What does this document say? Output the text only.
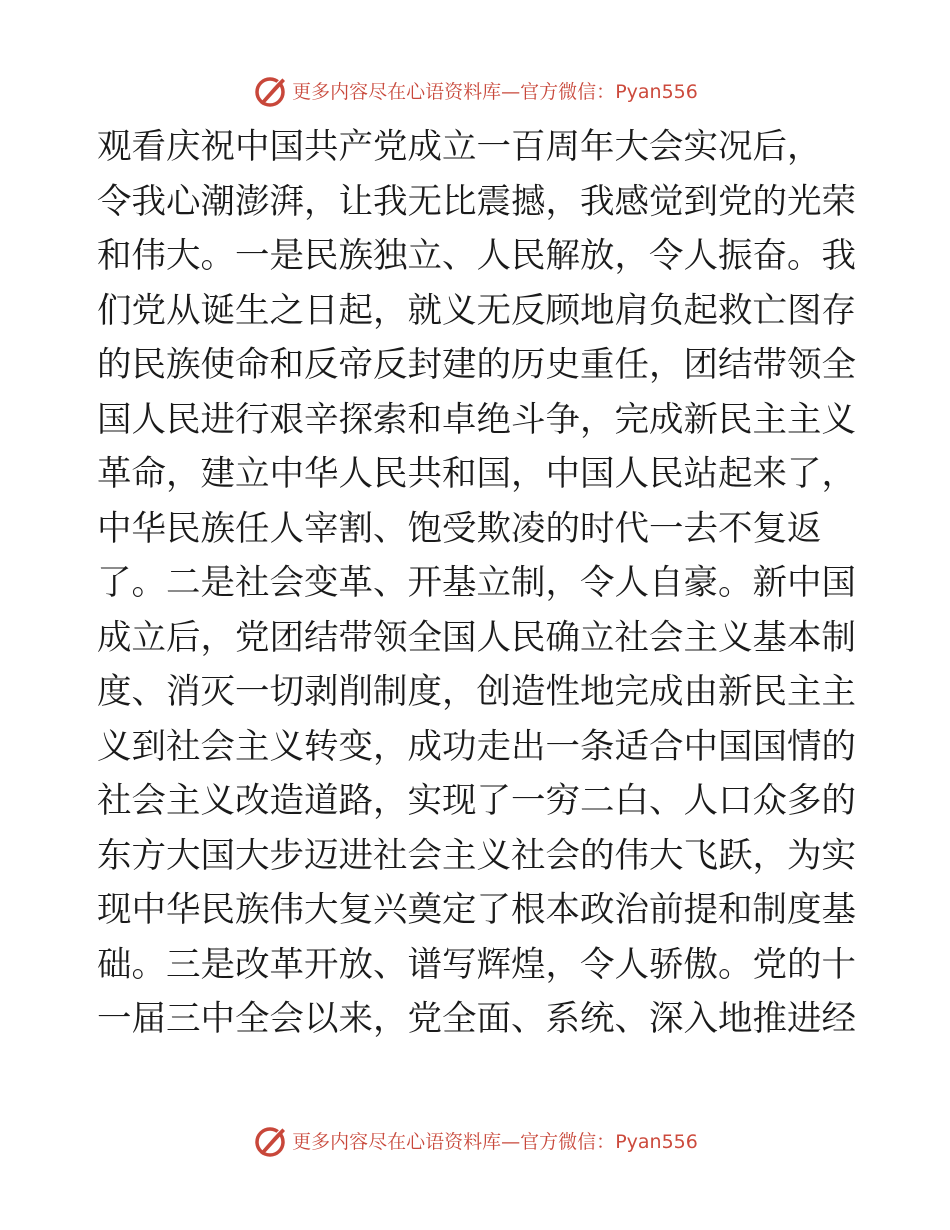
更多内容尽在心语资料库—官方微信：Pyan556
观看庆祝中国共产党成立一百周年大会实况后，
令我心潮澎湃，让我无比震撼，我感觉到党的光荣
和伟大。一是民族独立、人民解放，令人振奋。我
们党从诞生之日起，就义无反顾地肩负起救亡图存
的民族使命和反帝反封建的历史重任，团结带领全
国人民进行艰辛探索和卓绝斗争，完成新民主主义
革命，建立中华人民共和国，中国人民站起来了，
中华民族任人宰割、饱受欺凌的时代一去不复返
了。二是社会变革、开基立制，令人自豪。新中国
成立后，党团结带领全国人民确立社会主义基本制
度、消灭一切剥削制度，创造性地完成由新民主主
义到社会主义转变，成功走出一条适合中国国情的
社会主义改造道路，实现了一穷二白、人口众多的
东方大国大步迈进社会主义社会的伟大飞跃，为实
现中华民族伟大复兴奠定了根本政治前提和制度基
础。三是改革开放、谱写辉煌，令人骄傲。党的十
一届三中全会以来，党全面、系统、深入地推进经
更多内容尽在心语资料库—官方微信：Pyan556
